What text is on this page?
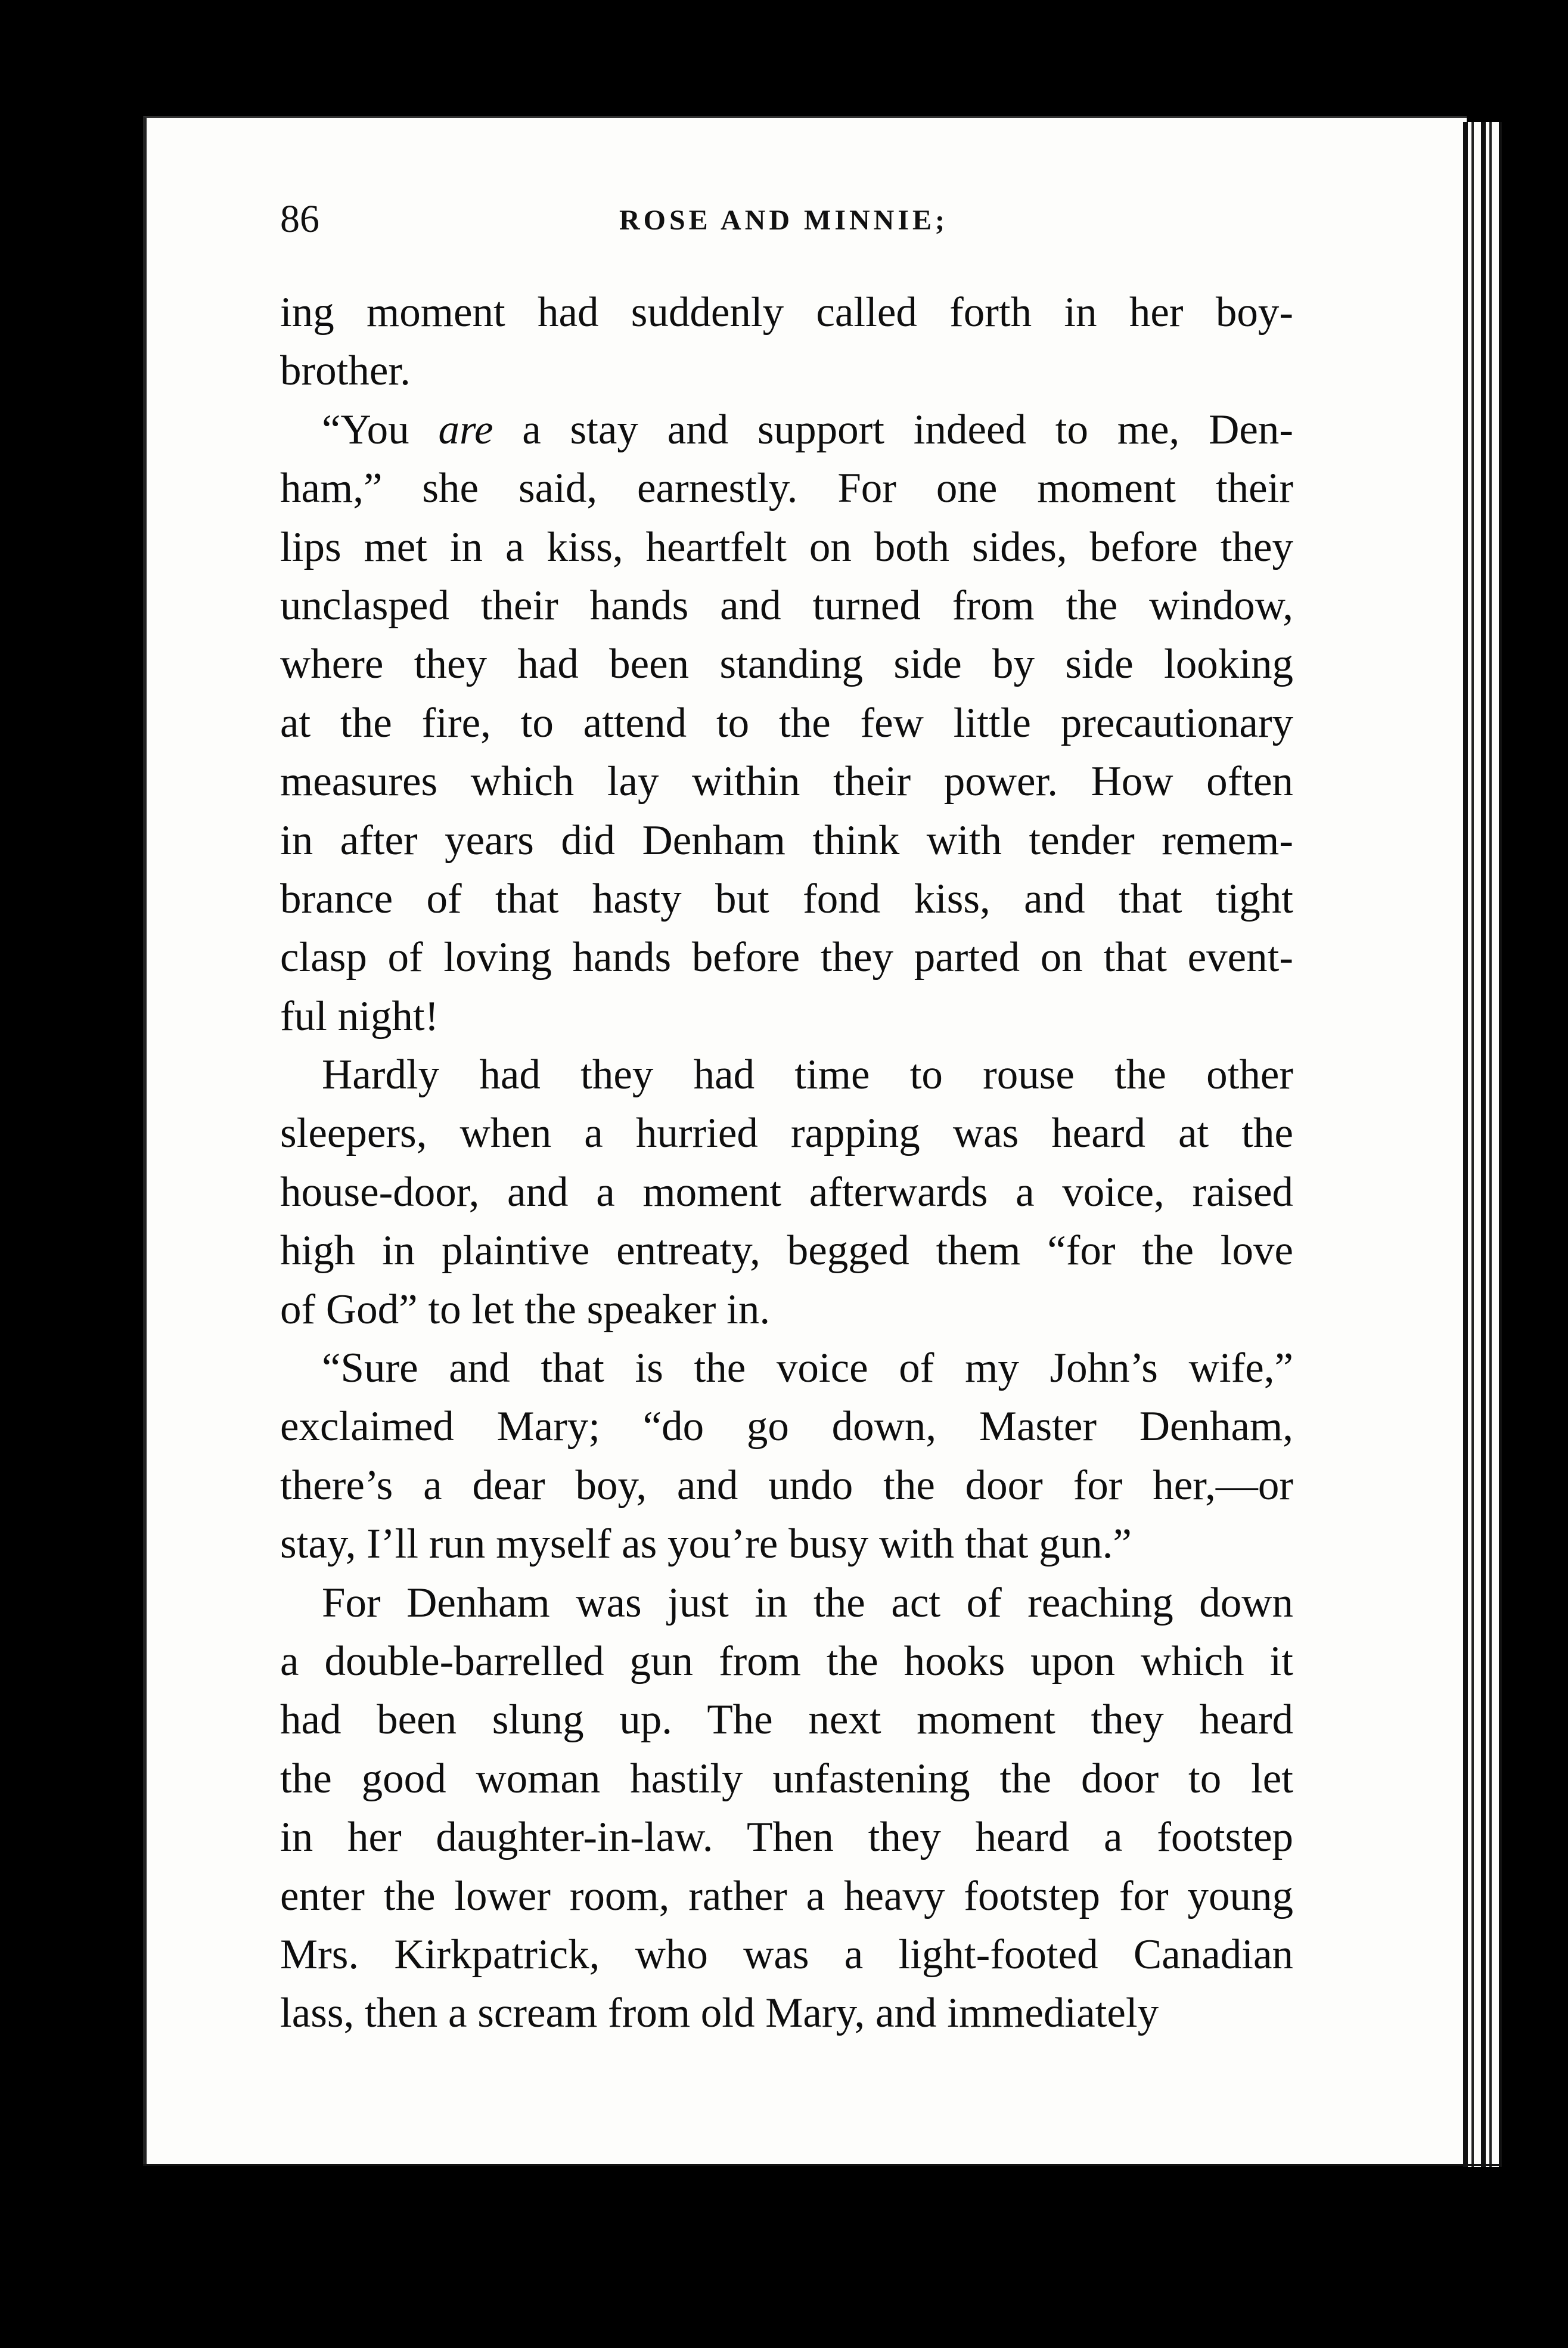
86	ROSE AND MINNIE;
ing moment had suddenly called forth in her boy-
brother.
“You are a stay and support indeed to me, Den-
ham,” she said, earnestly. For one moment their
lips met in a kiss, heartfelt on both sides, before they
unclasped their hands and turned from the window,
where they had been standing side by side looking
at the fire, to attend to the few little precautionary
measures which lay within their power. How often
in after years did Denham think with tender remem-
brance of that hasty but fond kiss, and that tight
clasp of loving hands before they parted on that event-
ful night!
Hardly had they had time to rouse the other
sleepers, when a hurried rapping was heard at the
house-door, and a moment afterwards a voice, raised
high in plaintive entreaty, begged them “for the love
of God” to let the speaker in.
“Sure and that is the voice of my John’s wife,”
exclaimed Mary; “do go down, Master Denham,
there’s a dear boy, and undo the door for her,—or
stay, I’ll run myself as you’re busy with that gun.”
For Denham was just in the act of reaching down
a double-barrelled gun from the hooks upon which it
had been slung up. The next moment they heard
the good woman hastily unfastening the door to let
in her daughter-in-law. Then they heard a footstep
enter the lower room, rather a heavy footstep for young
Mrs. Kirkpatrick, who was a light-footed Canadian
lass, then a scream from old Mary, and immediately
